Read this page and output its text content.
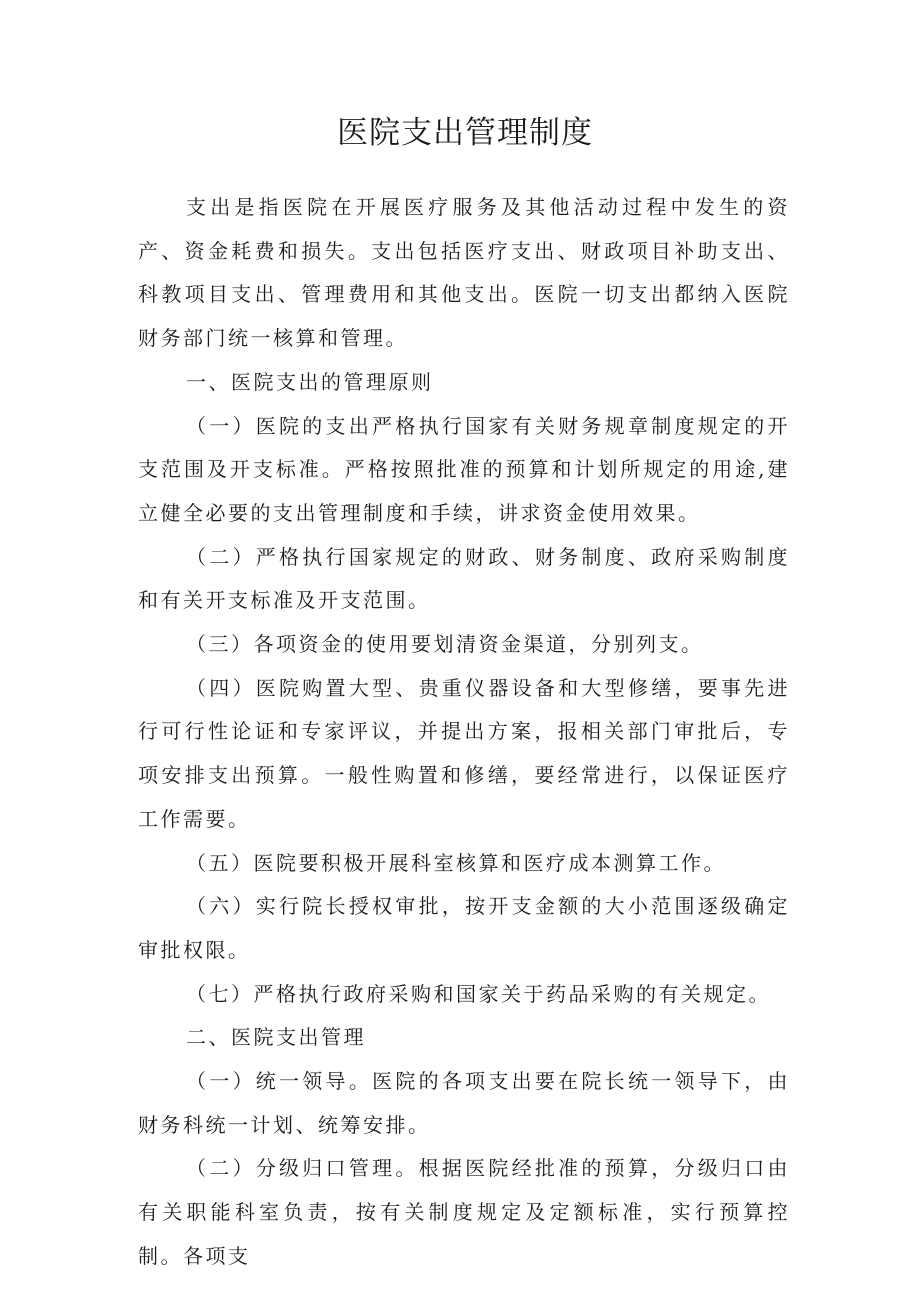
医院支出管理制度

支出是指医院在开展医疗服务及其他活动过程中发生的资产、资金耗费和损失。支出包括医疗支出、财政项目补助支出、科教项目支出、管理费用和其他支出。医院一切支出都纳入医院财务部门统一核算和管理。

一、医院支出的管理原则

（一）医院的支出严格执行国家有关财务规章制度规定的开支范围及开支标准。严格按照批准的预算和计划所规定的用途,建立健全必要的支出管理制度和手续，讲求资金使用效果。

（二）严格执行国家规定的财政、财务制度、政府采购制度和有关开支标准及开支范围。

（三）各项资金的使用要划清资金渠道，分别列支。

（四）医院购置大型、贵重仪器设备和大型修缮，要事先进行可行性论证和专家评议，并提出方案，报相关部门审批后，专项安排支出预算。一般性购置和修缮，要经常进行，以保证医疗工作需要。

（五）医院要积极开展科室核算和医疗成本测算工作。

（六）实行院长授权审批，按开支金额的大小范围逐级确定审批权限。

（七）严格执行政府采购和国家关于药品采购的有关规定。

二、医院支出管理

（一）统一领导。医院的各项支出要在院长统一领导下，由财务科统一计划、统筹安排。

（二）分级归口管理。根据医院经批准的预算，分级归口由有关职能科室负责，按有关制度规定及定额标准，实行预算控制。各项支
